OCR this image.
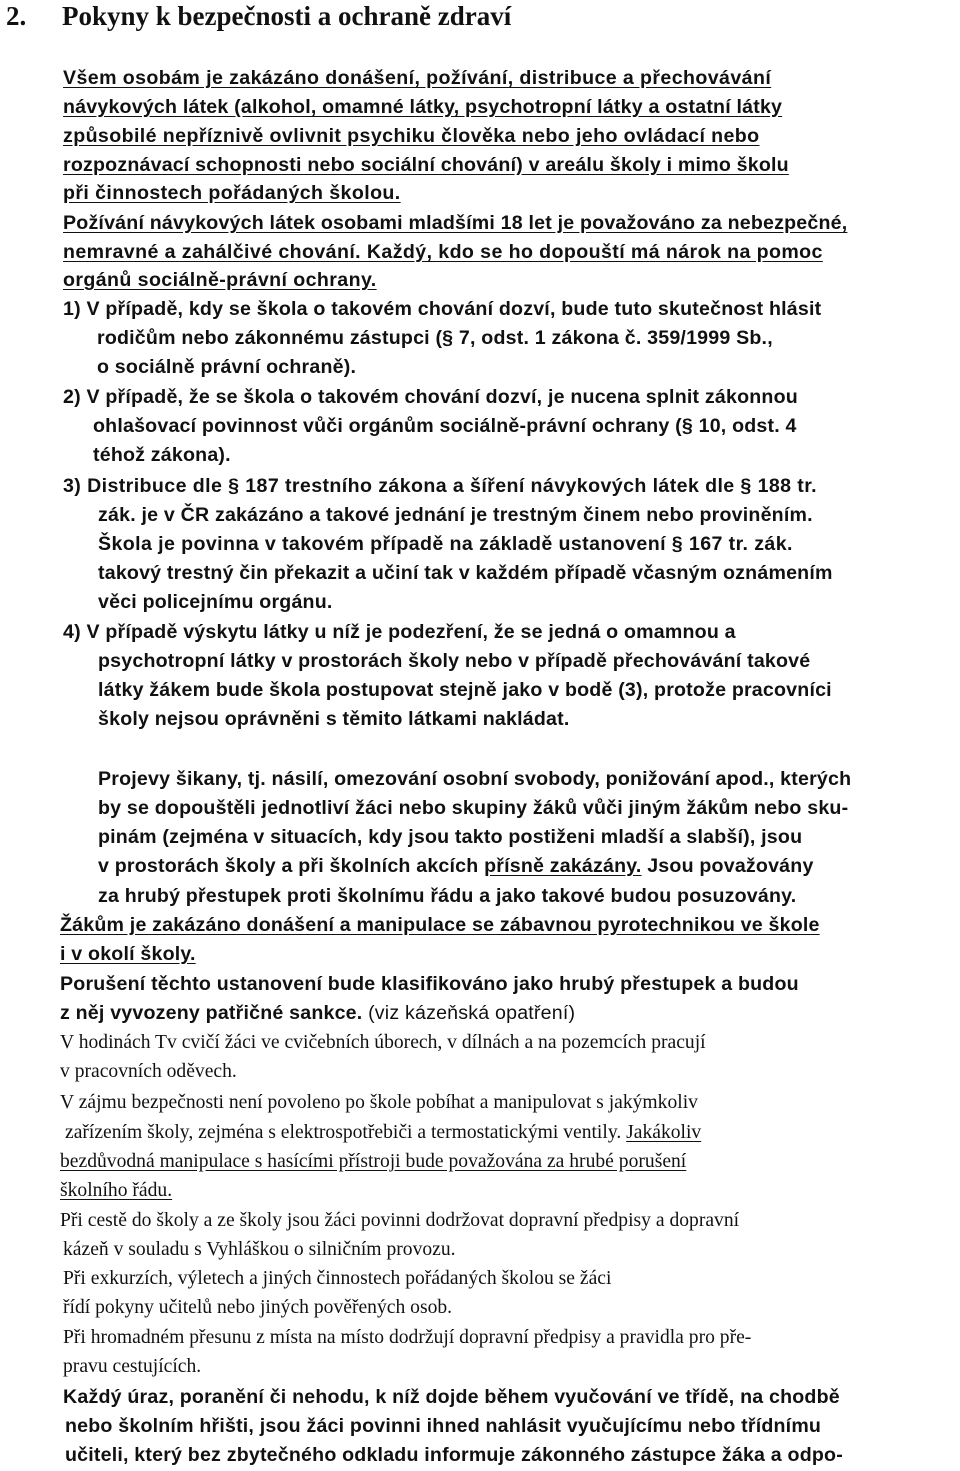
2. Pokyny k bezpečnosti a ochraně zdraví
Všem osobám je zakázáno donášení, požívání, distribuce a přechovávání
návykových látek (alkohol, omamné látky, psychotropní látky a ostatní látky
způsobilé nepříznivě ovlivnit psychiku člověka nebo jeho ovládací nebo
rozpoznávací schopnosti nebo sociální chování) v areálu školy i mimo školu
při činnostech pořádaných školou.
Požívání návykových látek osobami mladšími 18 let je považováno za nebezpečné,
nemravné a zahálčivé chování. Každý, kdo se ho dopouští má nárok na pomoc
orgánů sociálně-právní ochrany.
1) V případě, kdy se škola o takovém chování dozví, bude tuto skutečnost hlásit
rodičům nebo zákonnému zástupci (§ 7, odst. 1 zákona č. 359/1999 Sb.,
o sociálně právní ochraně).
2) V případě, že se škola o takovém chování dozví, je nucena splnit zákonnou
ohlašovací povinnost vůči orgánům sociálně-právní ochrany (§ 10, odst. 4
téhož zákona).
3) Distribuce dle § 187 trestního zákona a šíření návykových látek dle § 188 tr.
zák. je v ČR zakázáno a takové jednání je trestným činem nebo proviněním.
Škola je povinna v takovém případě na základě ustanovení § 167 tr. zák.
takový trestný čin překazit a učiní tak v každém případě včasným oznámením
věci policejnímu orgánu.
4) V případě výskytu látky u níž je podezření, že se jedná o omamnou a
psychotropní látky v prostorách školy nebo v případě přechovávání takové
látky žákem bude škola postupovat stejně jako v bodě (3), protože pracovníci
školy nejsou oprávněni s těmito látkami nakládat.
Projevy šikany, tj. násilí, omezování osobní svobody, ponižování apod., kterých
by se dopouštěli jednotliví žáci nebo skupiny žáků vůči jiným žákům nebo sku-
pinám (zejména v situacích, kdy jsou takto postiženi mladší a slabší), jsou
v prostorách školy a při školních akcích přísně zakázány. Jsou považovány
za hrubý přestupek proti školnímu řádu a jako takové budou posuzovány.
Žákům je zakázáno donášení a manipulace se zábavnou pyrotechnikou ve škole
i v okolí školy.
Porušení těchto ustanovení bude klasifikováno jako hrubý přestupek a budou
z něj vyvozeny patřičné sankce. (viz kázeňská opatření)
V hodinách Tv cvičí žáci ve cvičebních úborech, v dílnách a na pozemcích pracují
v pracovních oděvech.
V zájmu bezpečnosti není povoleno po škole pobíhat a manipulovat s jakýmkoliv
zařízením školy, zejména s elektrospotřebiči a termostatickými ventily. Jakákoliv
bezdůvodná manipulace s hasícími přístroji bude považována za hrubé porušení
školního řádu.
Při cestě do školy a ze školy jsou žáci povinni dodržovat dopravní předpisy a dopravní
kázeň v souladu s Vyhláškou o silničním provozu.
Při exkurzích, výletech a jiných činnostech pořádaných školou se žáci
řídí pokyny učitelů nebo jiných pověřených osob.
Při hromadném přesunu z místa na místo dodržují dopravní předpisy a pravidla pro pře-
pravu cestujících.
Každý úraz, poranění či nehodu, k níž dojde během vyučování ve třídě, na chodbě
nebo školním hřišti, jsou žáci povinni ihned nahlásit vyučujícímu nebo třídnímu
učiteli, který bez zbytečného odkladu informuje zákonného zástupce žáka a odpo-
